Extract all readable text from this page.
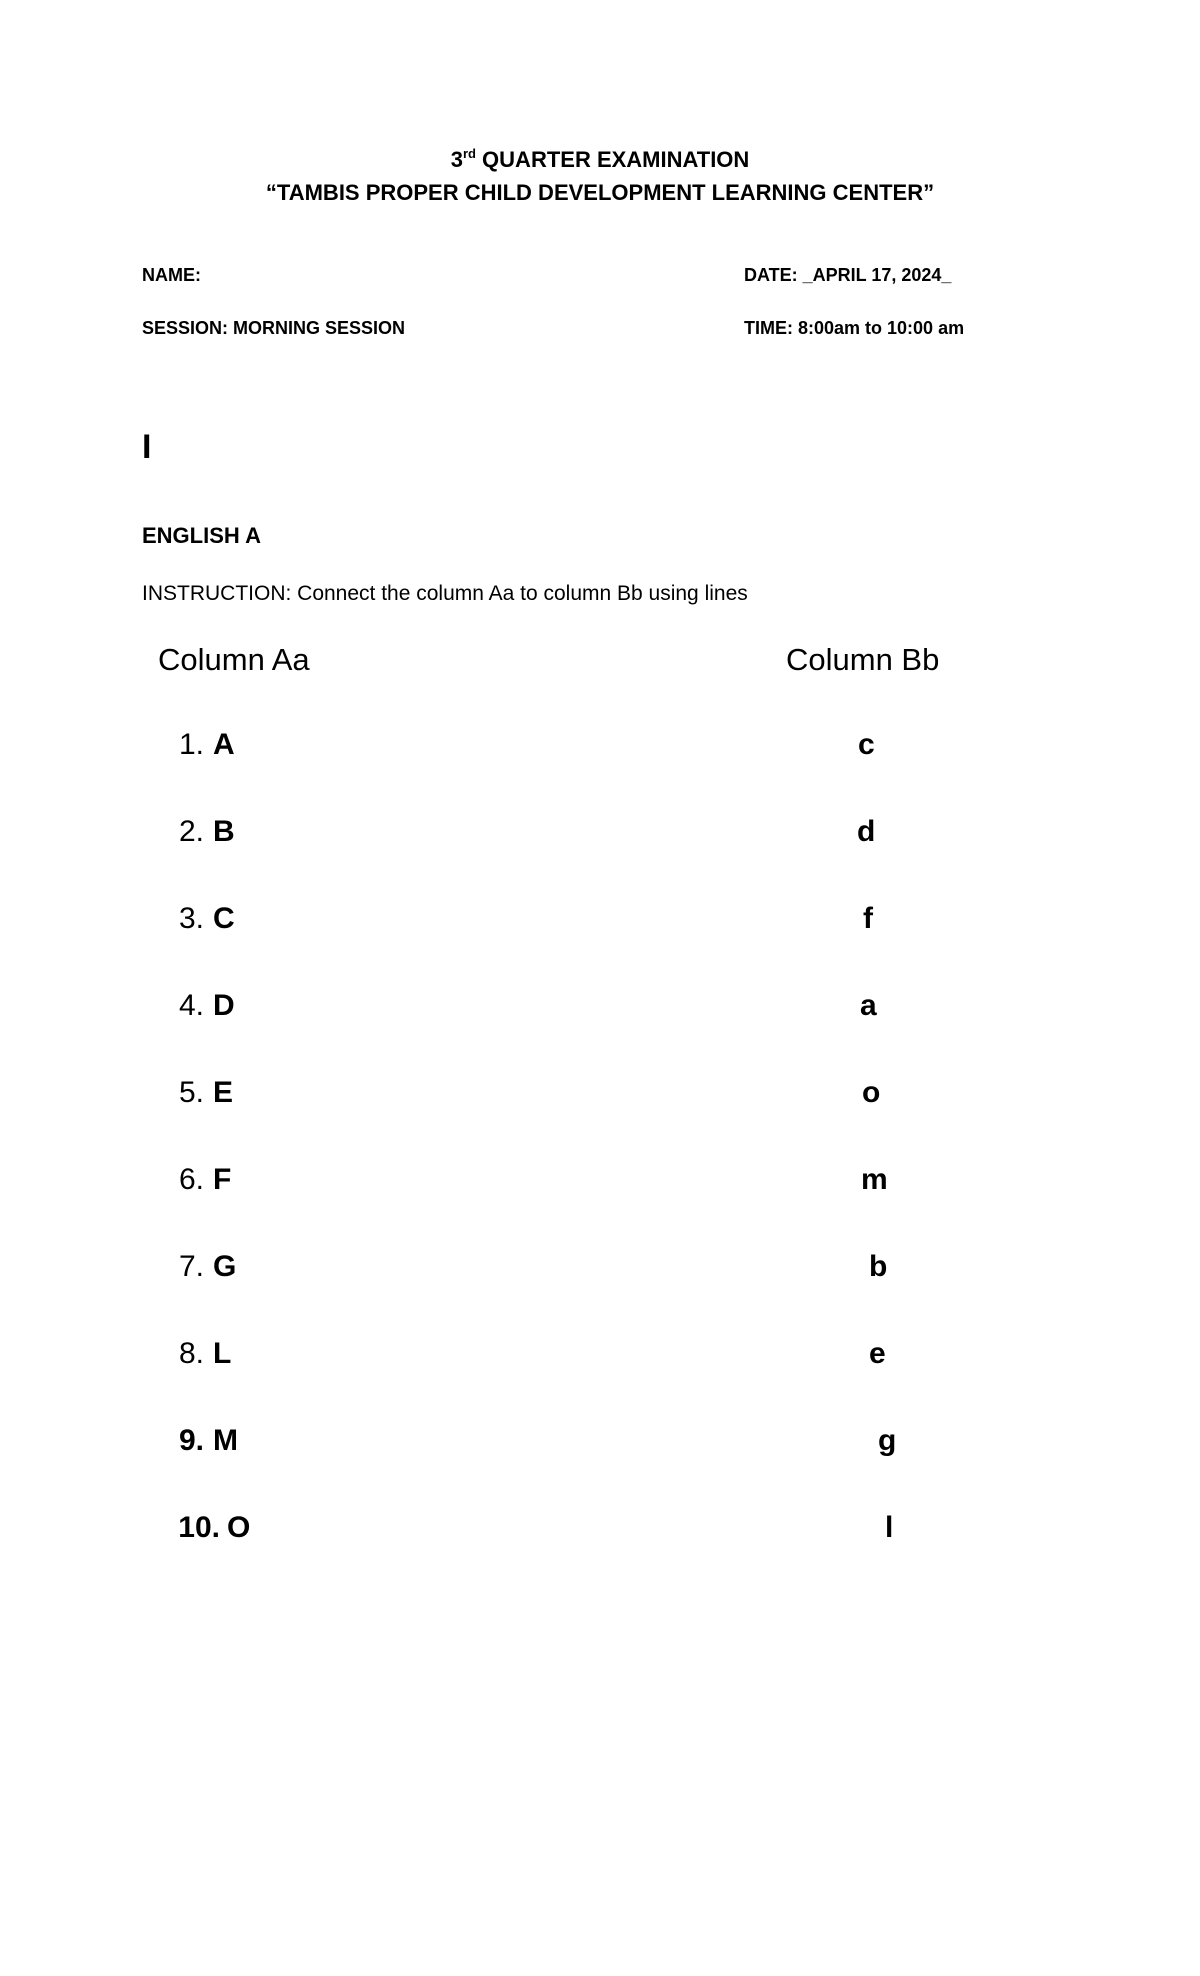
3rd QUARTER EXAMINATION
“TAMBIS PROPER CHILD DEVELOPMENT LEARNING CENTER”
NAME:	DATE: _APRIL 17, 2024_
SESSION: MORNING SESSION	TIME: 8:00am to 10:00 am
I
ENGLISH A
INSTRUCTION: Connect the column Aa to column Bb using lines
Column Aa	Column Bb
1. A	c
2. B	d
3. C	f
4. D	a
5. E	o
6. F	m
7. G	b
8. L	e
9. M	g
10. O	l
